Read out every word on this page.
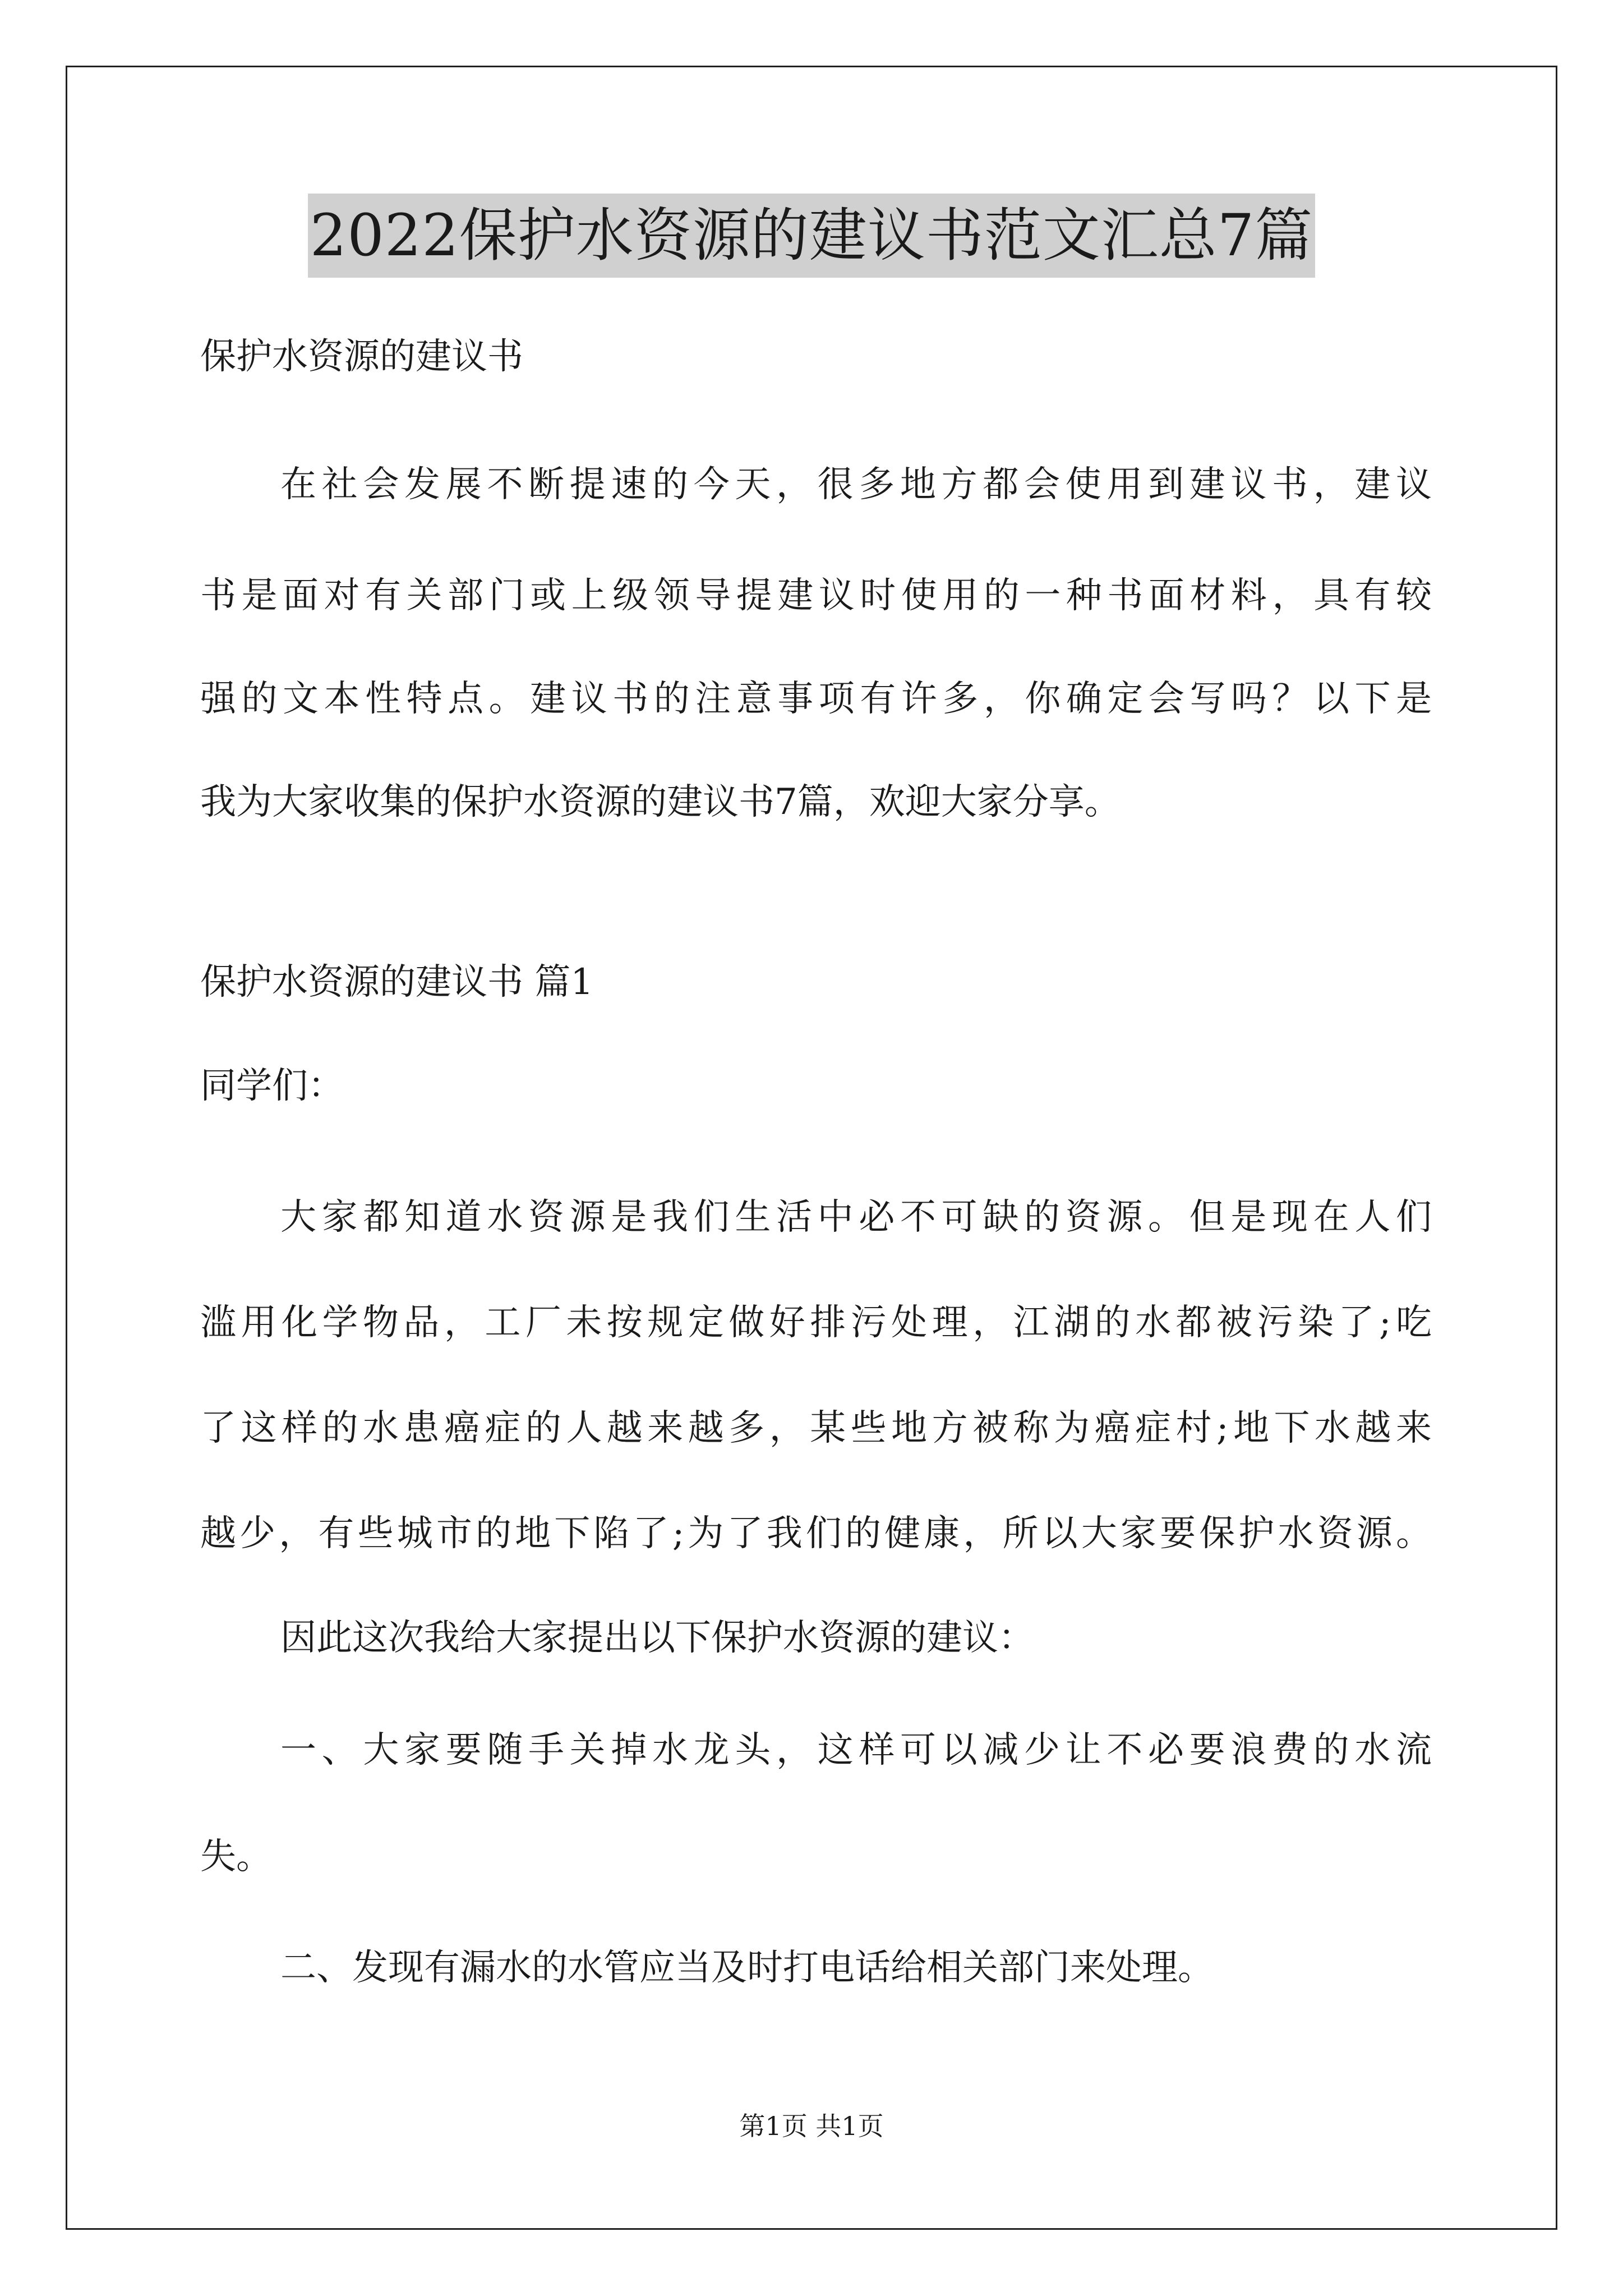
2022保护水资源的建议书范文汇总7篇
保护水资源的建议书
在社会发展不断提速的今天，很多地方都会使用到建议书，建议
书是面对有关部门或上级领导提建议时使用的一种书面材料，具有较
强的文本性特点。建议书的注意事项有许多，你确定会写吗？以下是
我为大家收集的保护水资源的建议书7篇，欢迎大家分享。
保护水资源的建议书 篇1
同学们：
大家都知道水资源是我们生活中必不可缺的资源。但是现在人们
滥用化学物品，工厂未按规定做好排污处理，江湖的水都被污染了;吃
了这样的水患癌症的人越来越多，某些地方被称为癌症村;地下水越来
越少，有些城市的地下陷了;为了我们的健康，所以大家要保护水资源。
因此这次我给大家提出以下保护水资源的建议：
一、大家要随手关掉水龙头，这样可以减少让不必要浪费的水流
失。
二、发现有漏水的水管应当及时打电话给相关部门来处理。
第1页 共1页
